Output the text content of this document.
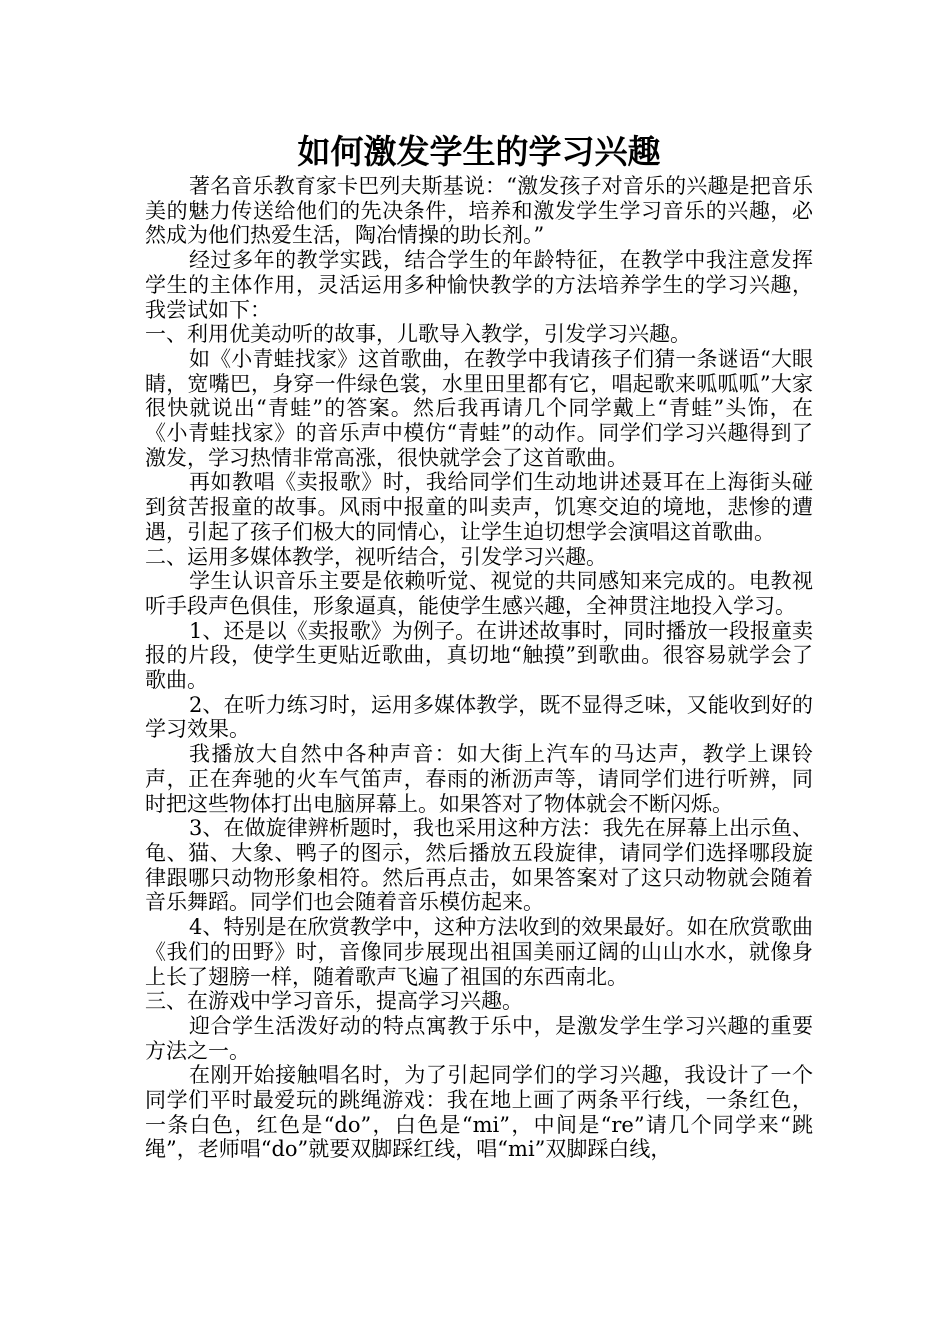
如何激发学生的学习兴趣

著名音乐教育家卡巴列夫斯基说：“激发孩子对音乐的兴趣是把音乐美的魅力传送给他们的先决条件，培养和激发学生学习音乐的兴趣，必然成为他们热爱生活，陶冶情操的助长剂。”

经过多年的教学实践，结合学生的年龄特征，在教学中我注意发挥学生的主体作用，灵活运用多种愉快教学的方法培养学生的学习兴趣，我尝试如下：

一、利用优美动听的故事，儿歌导入教学，引发学习兴趣。

如《小青蛙找家》这首歌曲，在教学中我请孩子们猜一条谜语“大眼睛，宽嘴巴，身穿一件绿色裳，水里田里都有它，唱起歌来呱呱呱”大家很快就说出“青蛙”的答案。然后我再请几个同学戴上“青蛙”头饰，在《小青蛙找家》的音乐声中模仿“青蛙”的动作。同学们学习兴趣得到了激发，学习热情非常高涨，很快就学会了这首歌曲。

再如教唱《卖报歌》时，我给同学们生动地讲述聂耳在上海街头碰到贫苦报童的故事。风雨中报童的叫卖声，饥寒交迫的境地，悲惨的遭遇，引起了孩子们极大的同情心，让学生迫切想学会演唱这首歌曲。

二、运用多媒体教学，视听结合，引发学习兴趣。

学生认识音乐主要是依赖听觉、视觉的共同感知来完成的。电教视听手段声色俱佳，形象逼真，能使学生感兴趣，全神贯注地投入学习。

1、还是以《卖报歌》为例子。在讲述故事时，同时播放一段报童卖报的片段，使学生更贴近歌曲，真切地“触摸”到歌曲。很容易就学会了歌曲。

2、在听力练习时，运用多媒体教学，既不显得乏味，又能收到好的学习效果。

我播放大自然中各种声音：如大街上汽车的马达声，教学上课铃声，正在奔驰的火车气笛声，春雨的淅沥声等，请同学们进行听辨，同时把这些物体打出电脑屏幕上。如果答对了物体就会不断闪烁。

3、在做旋律辨析题时，我也采用这种方法：我先在屏幕上出示鱼、龟、猫、大象、鸭子的图示，然后播放五段旋律，请同学们选择哪段旋律跟哪只动物形象相符。然后再点击，如果答案对了这只动物就会随着音乐舞蹈。同学们也会随着音乐模仿起来。

4、特别是在欣赏教学中，这种方法收到的效果最好。如在欣赏歌曲《我们的田野》时，音像同步展现出祖国美丽辽阔的山山水水，就像身上长了翅膀一样，随着歌声飞遍了祖国的东西南北。

三、在游戏中学习音乐，提高学习兴趣。

迎合学生活泼好动的特点寓教于乐中，是激发学生学习兴趣的重要方法之一。

在刚开始接触唱名时，为了引起同学们的学习兴趣，我设计了一个同学们平时最爱玩的跳绳游戏：我在地上画了两条平行线，一条红色，一条白色，红色是“do”，白色是“mi”，中间是“re”请几个同学来“跳绳”，老师唱“do”就要双脚踩红线，唱“mi”双脚踩白线，
